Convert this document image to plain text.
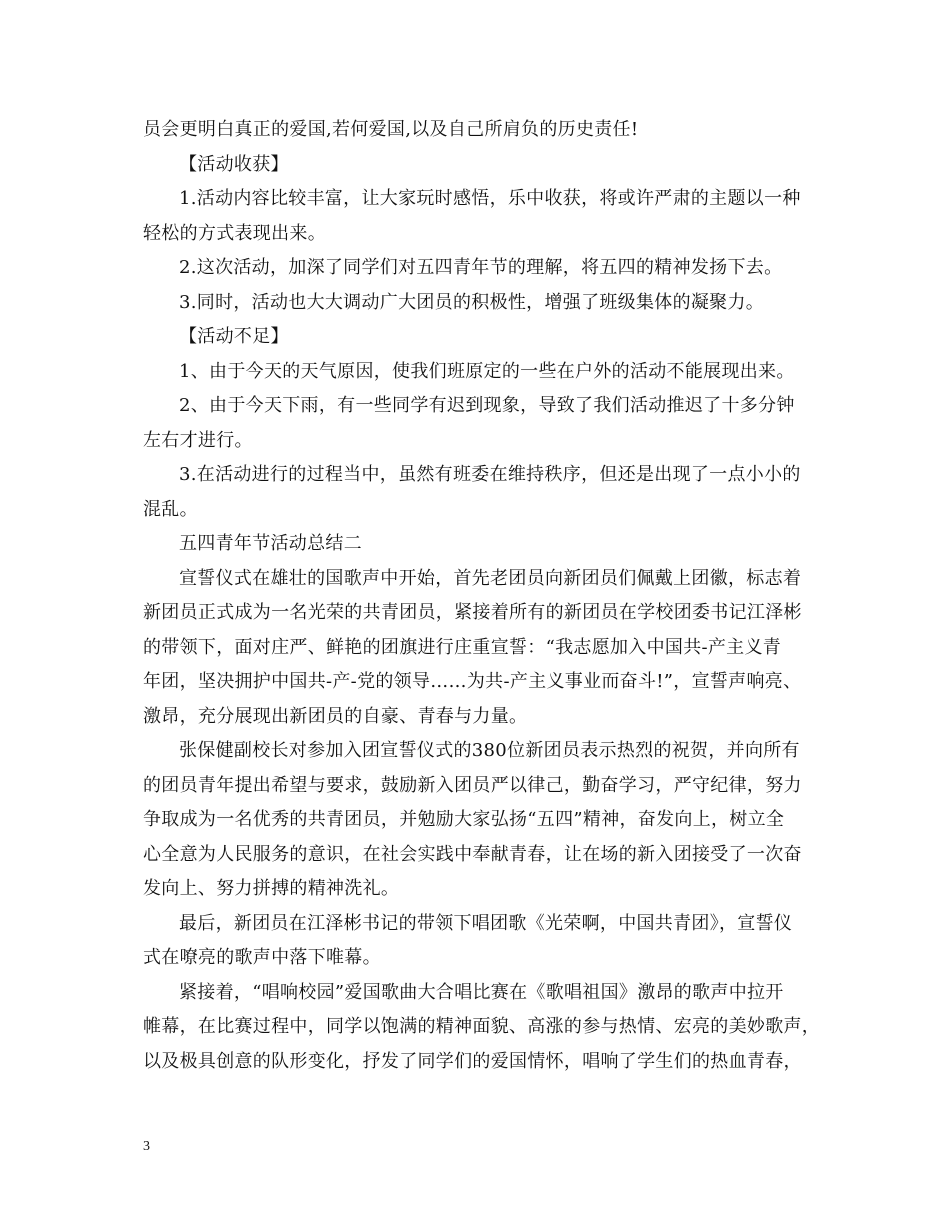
员会更明白真正的爱国,若何爱国,以及自己所肩负的历史责任!
【活动收获】
1.活动内容比较丰富，让大家玩时感悟，乐中收获，将或许严肃的主题以一种
轻松的方式表现出来。
2.这次活动，加深了同学们对五四青年节的理解，将五四的精神发扬下去。
3.同时，活动也大大调动广大团员的积极性，增强了班级集体的凝聚力。
【活动不足】
1、由于今天的天气原因，使我们班原定的一些在户外的活动不能展现出来。
2、由于今天下雨，有一些同学有迟到现象，导致了我们活动推迟了十多分钟
左右才进行。
3.在活动进行的过程当中，虽然有班委在维持秩序，但还是出现了一点小小的
混乱。
五四青年节活动总结二
宣誓仪式在雄壮的国歌声中开始，首先老团员向新团员们佩戴上团徽，标志着
新团员正式成为一名光荣的共青团员，紧接着所有的新团员在学校团委书记江泽彬
的带领下，面对庄严、鲜艳的团旗进行庄重宣誓：“我志愿加入中国共-产主义青
年团，坚决拥护中国共-产-党的领导……为共-产主义事业而奋斗!”，宣誓声响亮、
激昂，充分展现出新团员的自豪、青春与力量。
张保健副校长对参加入团宣誓仪式的380位新团员表示热烈的祝贺，并向所有
的团员青年提出希望与要求，鼓励新入团员严以律己，勤奋学习，严守纪律，努力
争取成为一名优秀的共青团员，并勉励大家弘扬“五四”精神，奋发向上，树立全
心全意为人民服务的意识，在社会实践中奉献青春，让在场的新入团接受了一次奋
发向上、努力拼搏的精神洗礼。
最后，新团员在江泽彬书记的带领下唱团歌《光荣啊，中国共青团》，宣誓仪
式在嘹亮的歌声中落下唯幕。
紧接着，“唱响校园”爱国歌曲大合唱比赛在《歌唱祖国》激昂的歌声中拉开
帷幕，在比赛过程中，同学以饱满的精神面貌、高涨的参与热情、宏亮的美妙歌声，
以及极具创意的队形变化，抒发了同学们的爱国情怀，唱响了学生们的热血青春，
3
